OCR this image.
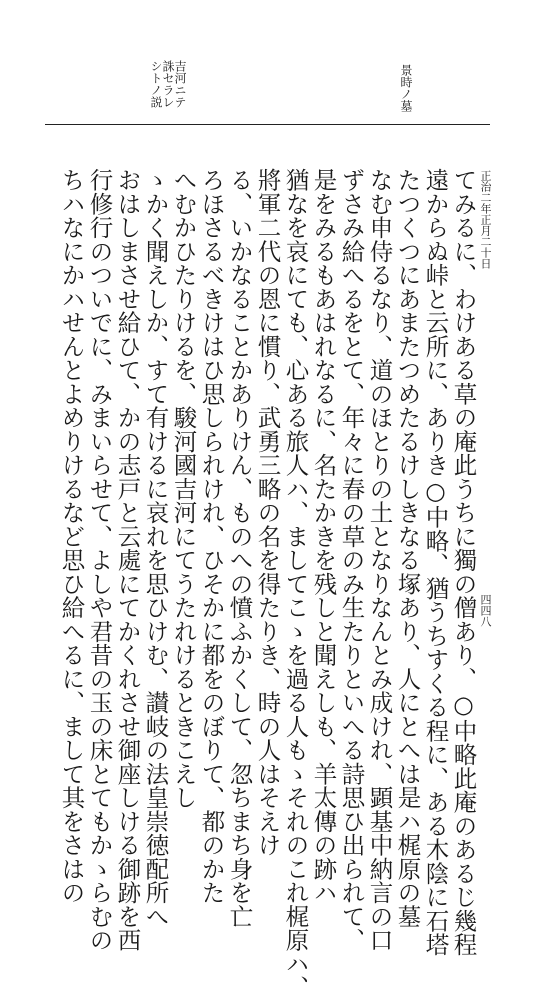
吉河ニテ
誅セラレ
シトノ説	景時ノ墓
正治二年正月二十日
四四八
てみるに、わけある草の庵此うちに獨の僧あり、○中略此庵のあるじ幾程
遠からぬ峠と云所に、ありき○中略、猶うちすくる程に、ある木陰に石塔
たつくつにあまたつめたるけしきなる塚あり、人にとへは是ハ梶原の墓
なむ申侍るなり、道のほとりの土となりなんとみ成けれ、顕基中納言の口
ずさみ給へるをとて、年々に春の草のみ生たりといへる詩思ひ出られて、
是をみるもあはれなるに、名たかきを残しと聞えしも、羊太傳の跡ハ
猶なを哀にても、心ある旅人ハ、ましてこゝを過る人もゝそれのこれ梶原ハ、
將軍二代の恩に慣り、武勇三略の名を得たりき、時の人はそえけ
る、いかなることかありけん、ものへの憤ふかくして、忽ちまち身を亡
ろほさるべきけはひ思しられけれ、ひそかに都をのぼりて、都のかた
へむかひたりけるを、駿河國吉河にてうたれけるときこえし
ゝかく聞えしか、すて有けるに哀れを思ひけむ、讃岐の法皇崇徳配所へ
おはしまさせ給ひて、かの志戸と云處にてかくれさせ御座しける御跡を西
行修行のついでに、みまいらせて、よしや君昔の玉の床とてもかゝらむの
ちハなにかハせんとよめりけるなど思ひ給へるに、まして其をさはの
